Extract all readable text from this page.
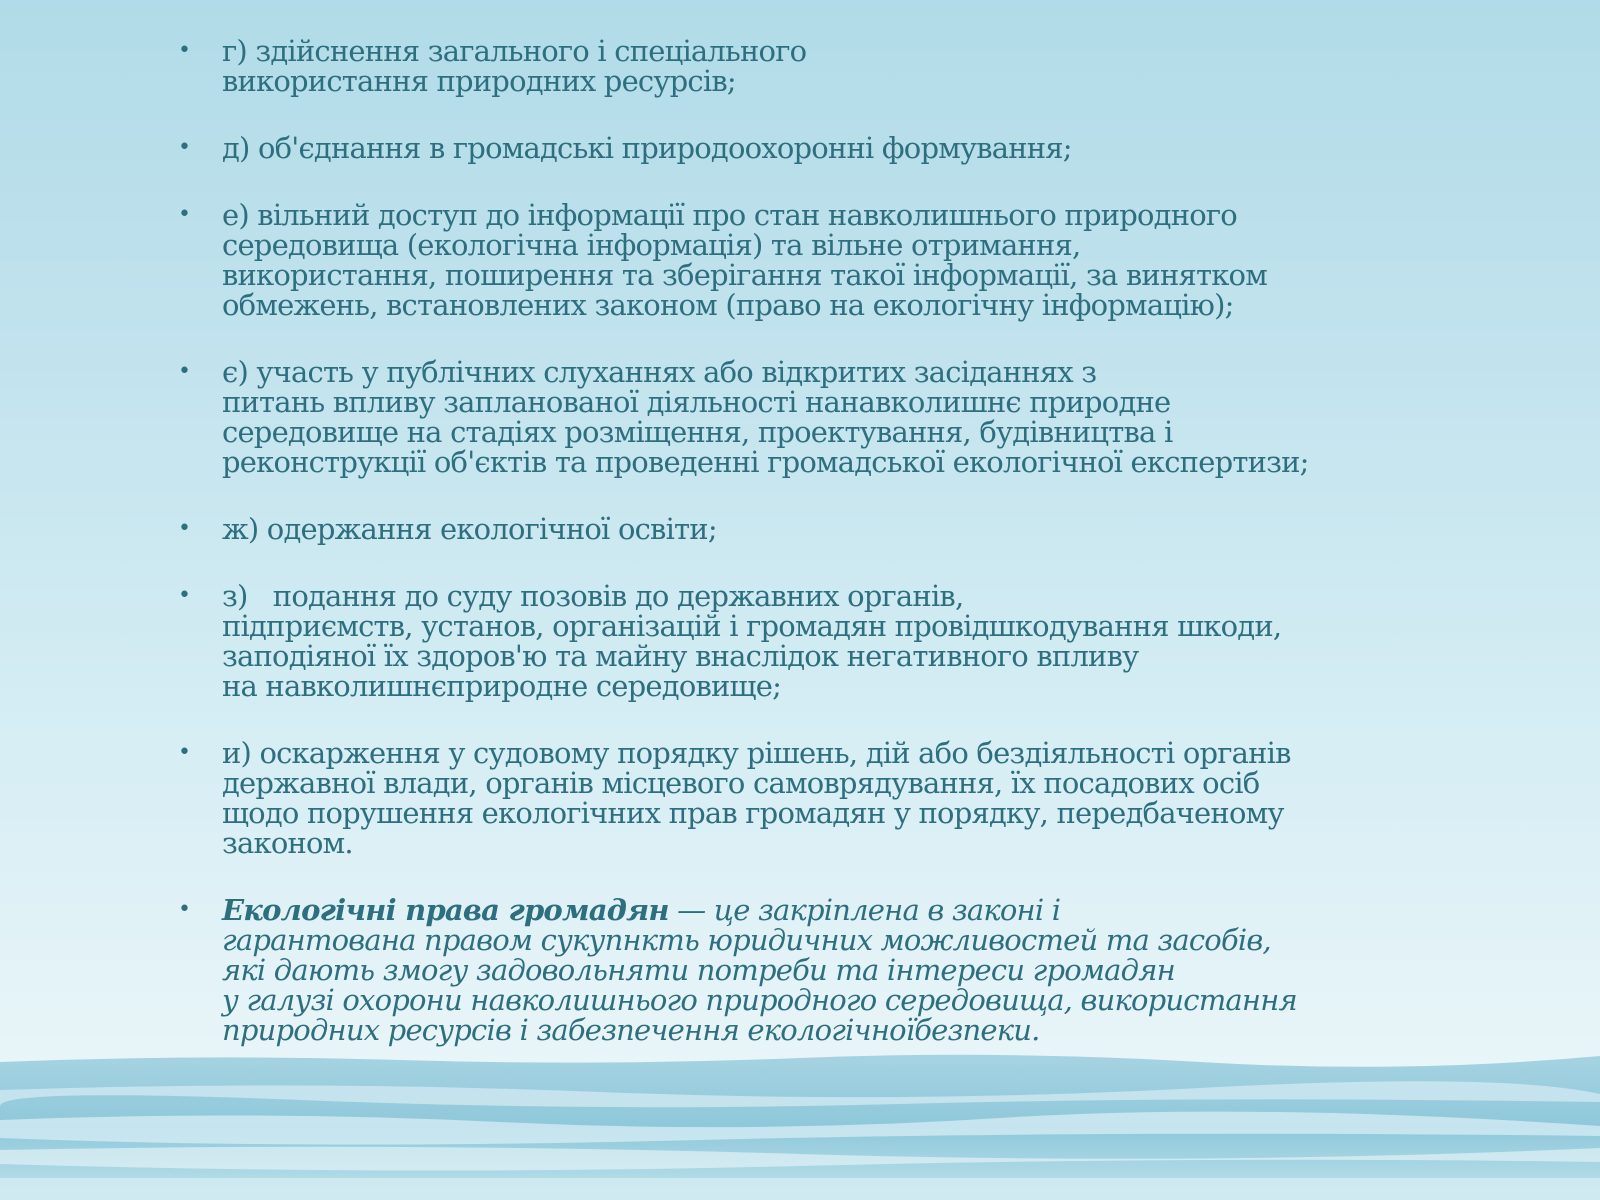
• г) здійснення загального і спеціального
використання природних ресурсів;
• д) об'єднання в громадські природоохоронні формування;
• е) вільний доступ до інформації про стан навколишнього природного
середовища (екологічна інформація) та вільне отримання,
використання, поширення та зберігання такої інформації, за винятком
обмежень, встановлених законом (право на екологічну інформацію);
• є) участь у публічних слуханнях або відкритих засіданнях з
питань впливу запланованої діяльності нанавколишнє природне
середовище на стадіях розміщення, проектування, будівництва і
реконструкції об'єктів та проведенні громадської екологічної експертизи;
• ж) одержання екологічної освіти;
• з)   подання до суду позовів до державних органів,
підприємств, установ, організацій і громадян провідшкодування шкоди,
заподіяної їх здоров'ю та майну внаслідок негативного впливу
на навколишнєприродне середовище;
• и) оскарження у судовому порядку рішень, дій або бездіяльності органів
державної влади, органів місцевого самоврядування, їх посадових осіб
щодо порушення екологічних прав громадян у порядку, передбаченому
законом.
• Екологічні права громадян — це закріплена в законі і
гарантована правом сукупнкть юридичних можливостей та засобів,
які дають змогу задовольняти потреби та інтереси громадян
у галузі охорони навколишнього природного середовища, використання
природних ресурсів і забезпечення екологічноїбезпеки.
